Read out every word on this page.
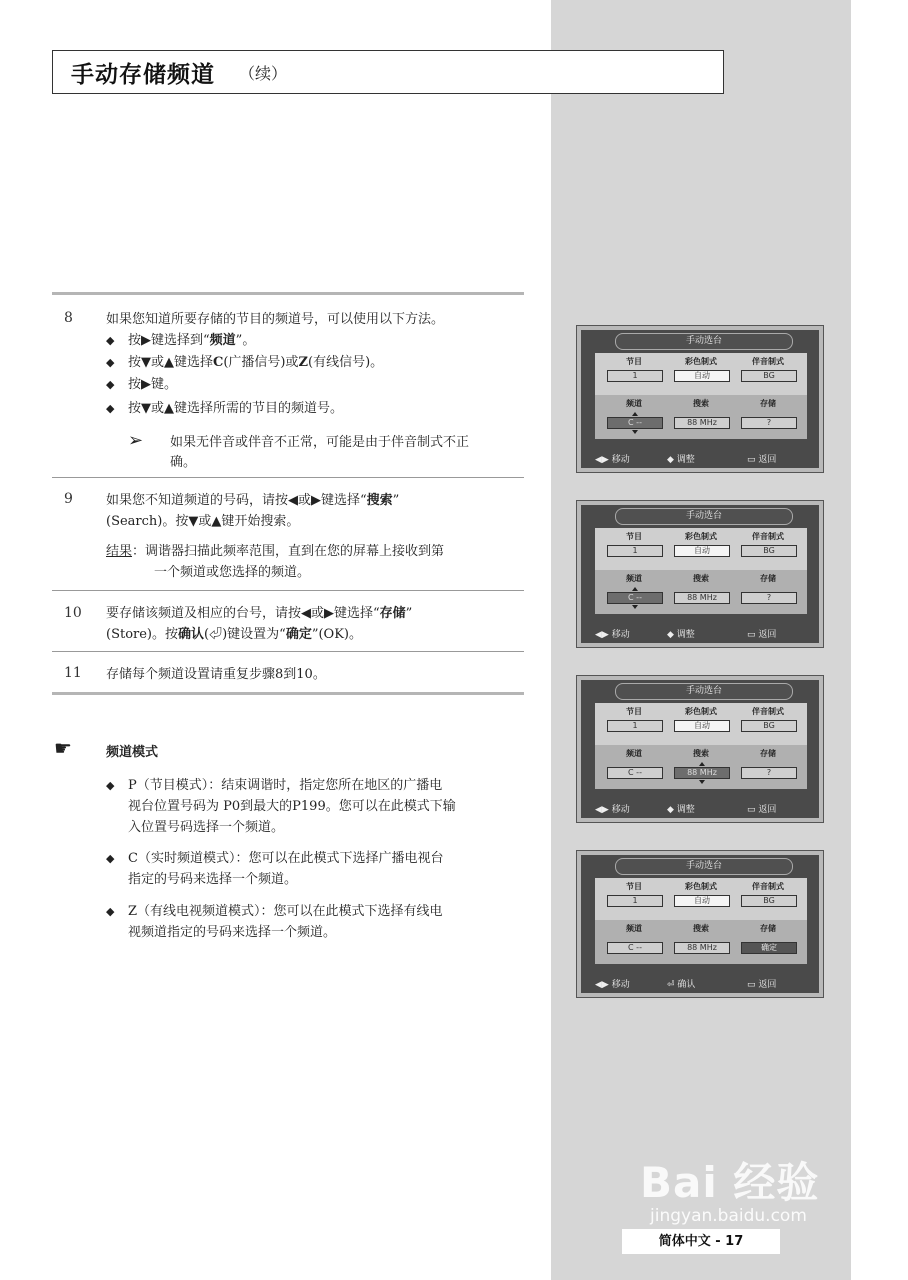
手动存储频道 （续）
8	如果您知道所要存储的节目的频道号，可以使用以下方法。
◆ 按▶键选择到“频道”。
◆ 按▼或▲键选择C(广播信号)或Z(有线信号)。
◆ 按▶键。
◆ 按▼或▲键选择所需的节目的频道号。
➢ 如果无伴音或伴音不正常，可能是由于伴音制式不正
确。
9	如果您不知道频道的号码，请按◀或▶键选择“搜索”
(Search)。按▼或▲键开始搜索。
结果：调谐器扫描此频率范围，直到在您的屏幕上接收到第
一个频道或您选择的频道。
10 要存储该频道及相应的台号，请按◀或▶键选择“存储”
(Store)。按确认(⏎)键设置为“确定”(OK)。
11 存储每个频道设置请重复步骤8到10。
☛	频道模式
◆ P（节目模式）：结束调谐时，指定您所在地区的广播电
视台位置号码为 P0到最大的P199。您可以在此模式下输
入位置号码选择一个频道。
◆ C（实时频道模式）：您可以在此模式下选择广播电视台
指定的号码来选择一个频道。
◆ Z（有线电视频道模式）：您可以在此模式下选择有线电
视频道指定的号码来选择一个频道。
手动选台
节目	彩色制式	伴音制式
1	自动	BG
频道	搜索	存储
C --	88 MHz	?
◀▶ 移动	◆ 调整	▭ 返回
手动选台
节目	彩色制式	伴音制式
1	自动	BG
频道	搜索	存储
C --	88 MHz	?
◀▶ 移动	◆ 调整	▭ 返回
手动选台
节目	彩色制式	伴音制式
1	自动	BG
频道	搜索	存储
C --	88 MHz	?
◀▶ 移动	◆ 调整	▭ 返回
手动选台
节目	彩色制式	伴音制式
1	自动	BG
频道	搜索	存储
C --	88 MHz	确定
◀▶ 移动	⏎ 确认	▭ 返回
Bai 经验
jingyan.baidu.com
简体中文 - 17
